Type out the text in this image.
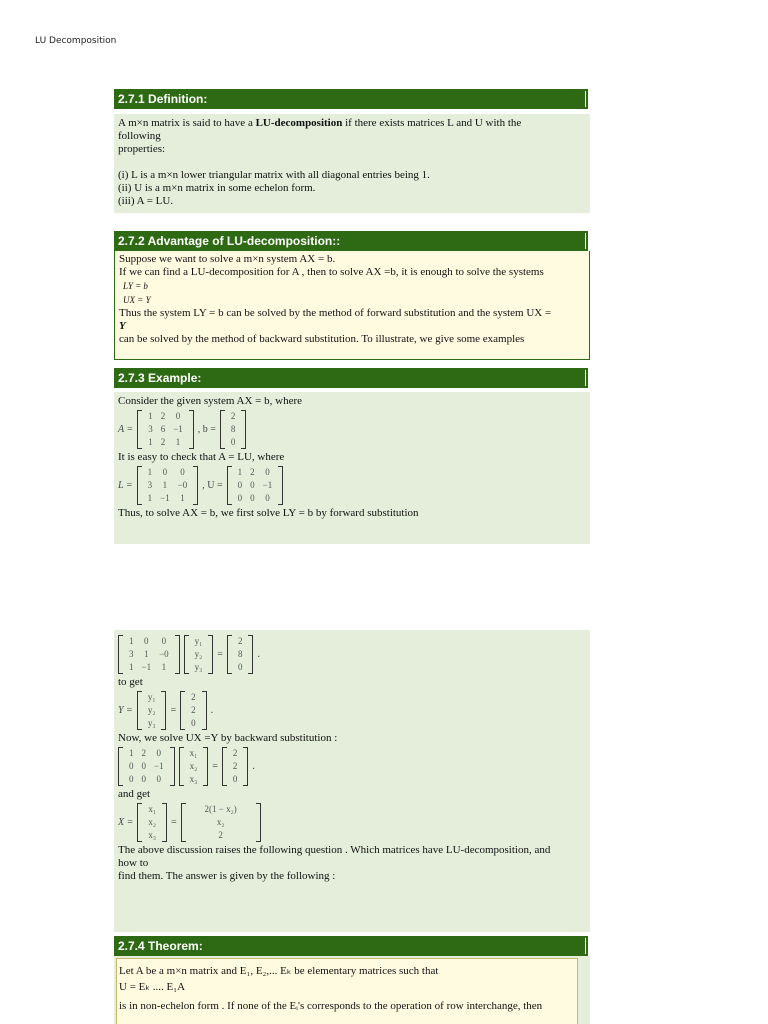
LU Decomposition
2.7.1 Definition:
A m×n matrix is said to have a LU-decomposition if there exists matrices L and U with the
following
properties:
(i) L is a m×n lower triangular matrix with all diagonal entries being 1.
(ii) U is a m×n matrix in some echelon form.
(iii) A = LU.
2.7.2 Advantage of LU-decomposition::
Suppose we want to solve a m×n system AX = b.
If we can find a LU-decomposition for A , then to solve AX =b, it is enough to solve the systems
LY = b
UX = Y
Thus the system LY = b can be solved by the method of forward substitution and the system UX =
Y
can be solved by the method of backward substitution. To illustrate, we give some examples
2.7.3 Example:
Consider the given system AX = b, where
A =
1 2	0
3 6 −1
1 2	1
, b =
2
8
0
It is easy to check that A = LU, where
L =
1	0	0
3	1	−0
1 −1	1
, U =
1 2	0
0 0 −1
0 0	0
Thus, to solve AX = b, we first solve LY = b by forward substitution
1	0	0
3	1	−0
1 −1	1
y₁
y₂
y₃
=
2
8
0
.
to get
Y =
y₁
y₂
y₃
=
2
2
0
.
Now, we solve UX =Y by backward substitution :
1 2	0
0 0 −1
0 0	0
x₁
x₂
x₃
=
2
2
0
.
and get
X =
x₁
x₂
x₃
=
2(1 − x₂)
x₂
2
The above discussion raises the following question . Which matrices have LU-decomposition, and
how to
find them. The answer is given by the following :
2.7.4 Theorem:
Let A be a m×n matrix and E₁, E₂,... Eₖ be elementary matrices such that
U = Eₖ .... E₁A
is in non-echelon form . If none of the Eᵢ's corresponds to the operation of row interchange, then
